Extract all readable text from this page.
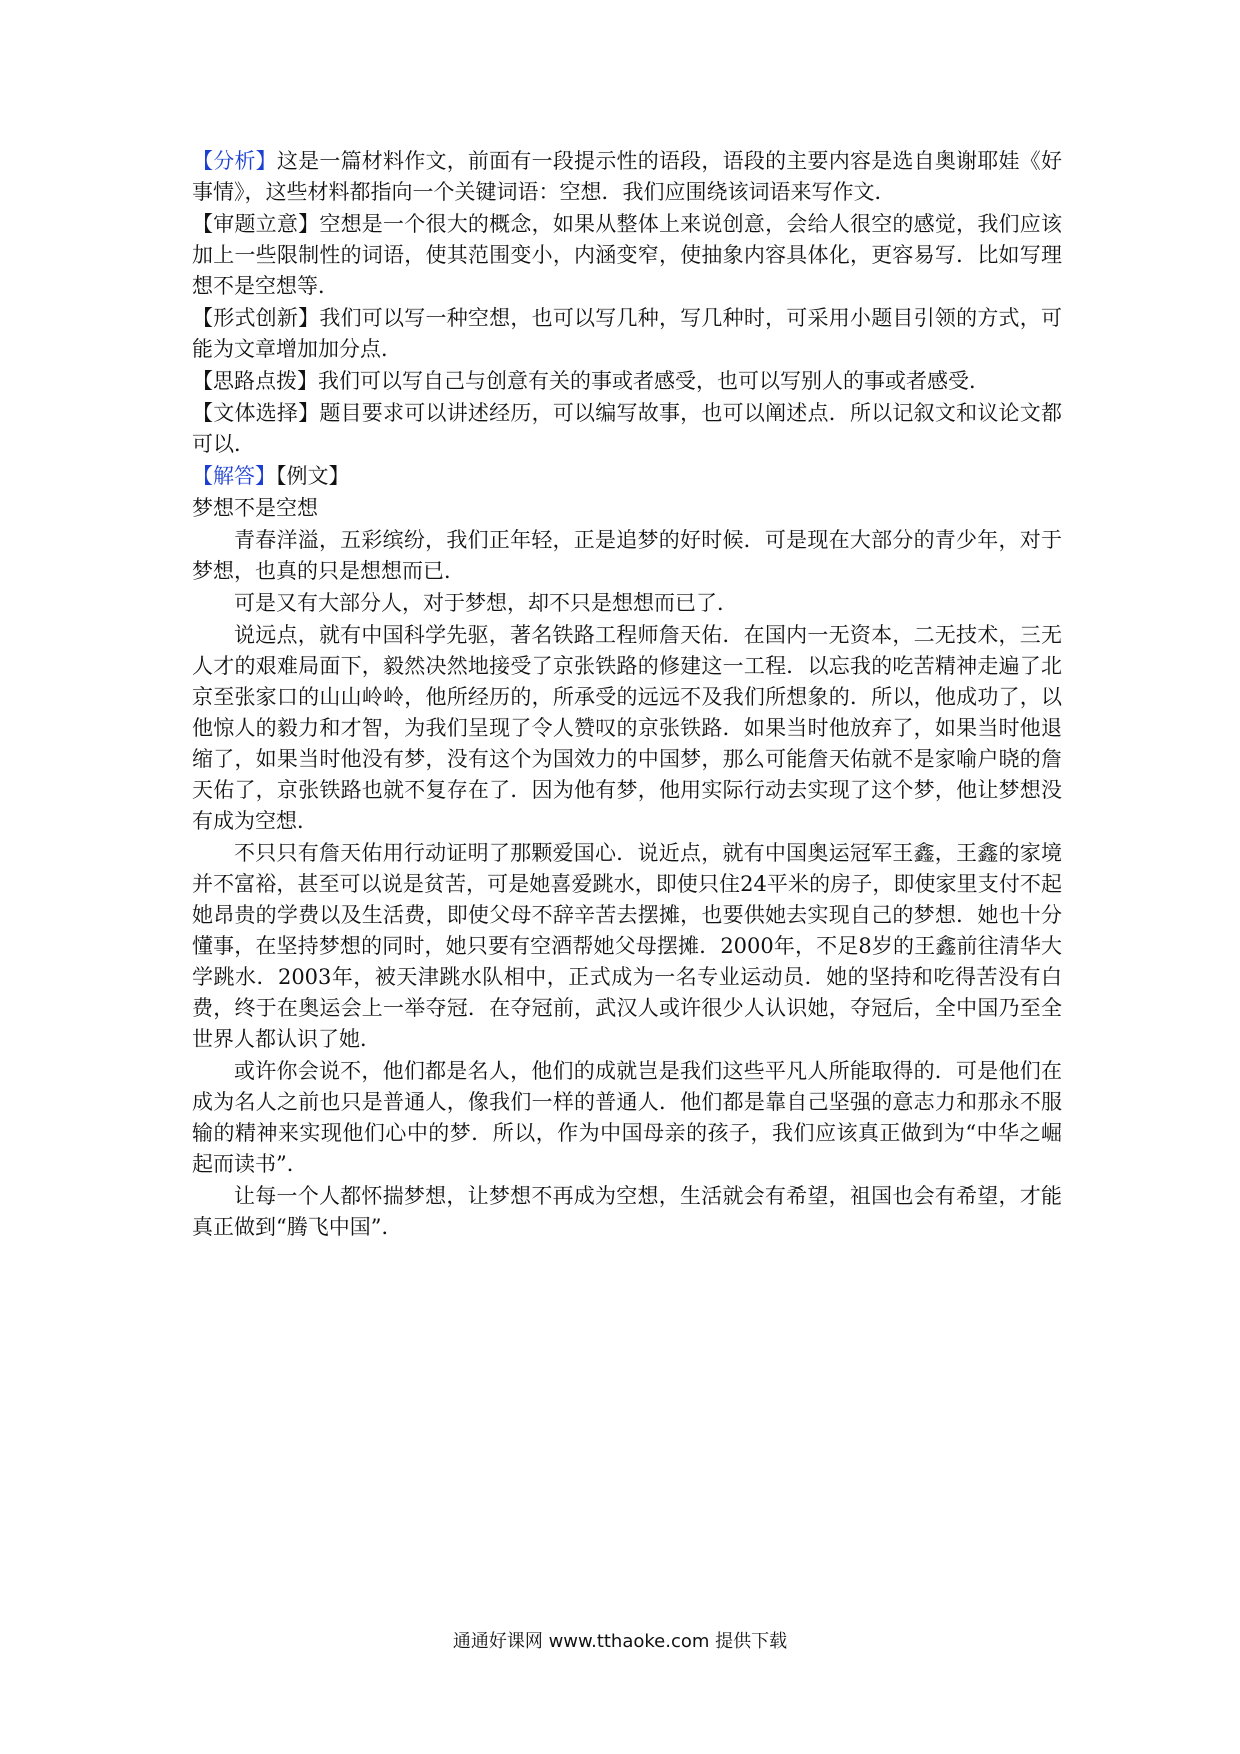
【分析】这是一篇材料作文，前面有一段提示性的语段，语段的主要内容是选自奥谢耶娃《好事情》，这些材料都指向一个关键词语：空想．我们应围绕该词语来写作文．

【审题立意】空想是一个很大的概念，如果从整体上来说创意，会给人很空的感觉，我们应该加上一些限制性的词语，使其范围变小，内涵变窄，使抽象内容具体化，更容易写．比如写理想不是空想等．

【形式创新】我们可以写一种空想，也可以写几种，写几种时，可采用小题目引领的方式，可能为文章增加加分点．

【思路点拨】我们可以写自己与创意有关的事或者感受，也可以写别人的事或者感受．

【文体选择】题目要求可以讲述经历，可以编写故事，也可以阐述点．所以记叙文和议论文都可以．

【解答】【例文】

梦想不是空想

青春洋溢，五彩缤纷，我们正年轻，正是追梦的好时候．可是现在大部分的青少年，对于梦想，也真的只是想想而已．

可是又有大部分人，对于梦想，却不只是想想而已了．

说远点，就有中国科学先驱，著名铁路工程师詹天佑．在国内一无资本，二无技术，三无人才的艰难局面下，毅然决然地接受了京张铁路的修建这一工程．以忘我的吃苦精神走遍了北京至张家口的山山岭岭，他所经历的，所承受的远远不及我们所想象的．所以，他成功了，以他惊人的毅力和才智，为我们呈现了令人赞叹的京张铁路．如果当时他放弃了，如果当时他退缩了，如果当时他没有梦，没有这个为国效力的中国梦，那么可能詹天佑就不是家喻户晓的詹天佑了，京张铁路也就不复存在了．因为他有梦，他用实际行动去实现了这个梦，他让梦想没有成为空想．

不只只有詹天佑用行动证明了那颗爱国心．说近点，就有中国奥运冠军王鑫，王鑫的家境并不富裕，甚至可以说是贫苦，可是她喜爱跳水，即使只住24平米的房子，即使家里支付不起她昂贵的学费以及生活费，即使父母不辞辛苦去摆摊，也要供她去实现自己的梦想．她也十分懂事，在坚持梦想的同时，她只要有空酒帮她父母摆摊．2000年，不足8岁的王鑫前往清华大学跳水．2003年，被天津跳水队相中，正式成为一名专业运动员．她的坚持和吃得苦没有白费，终于在奥运会上一举夺冠．在夺冠前，武汉人或许很少人认识她，夺冠后，全中国乃至全世界人都认识了她．

或许你会说不，他们都是名人，他们的成就岂是我们这些平凡人所能取得的．可是他们在成为名人之前也只是普通人，像我们一样的普通人．他们都是靠自己坚强的意志力和那永不服输的精神来实现他们心中的梦．所以，作为中国母亲的孩子，我们应该真正做到为“中华之崛起而读书”．

让每一个人都怀揣梦想，让梦想不再成为空想，生活就会有希望，祖国也会有希望，才能真正做到“腾飞中国”．

通通好课网 www.tthaoke.com 提供下载
